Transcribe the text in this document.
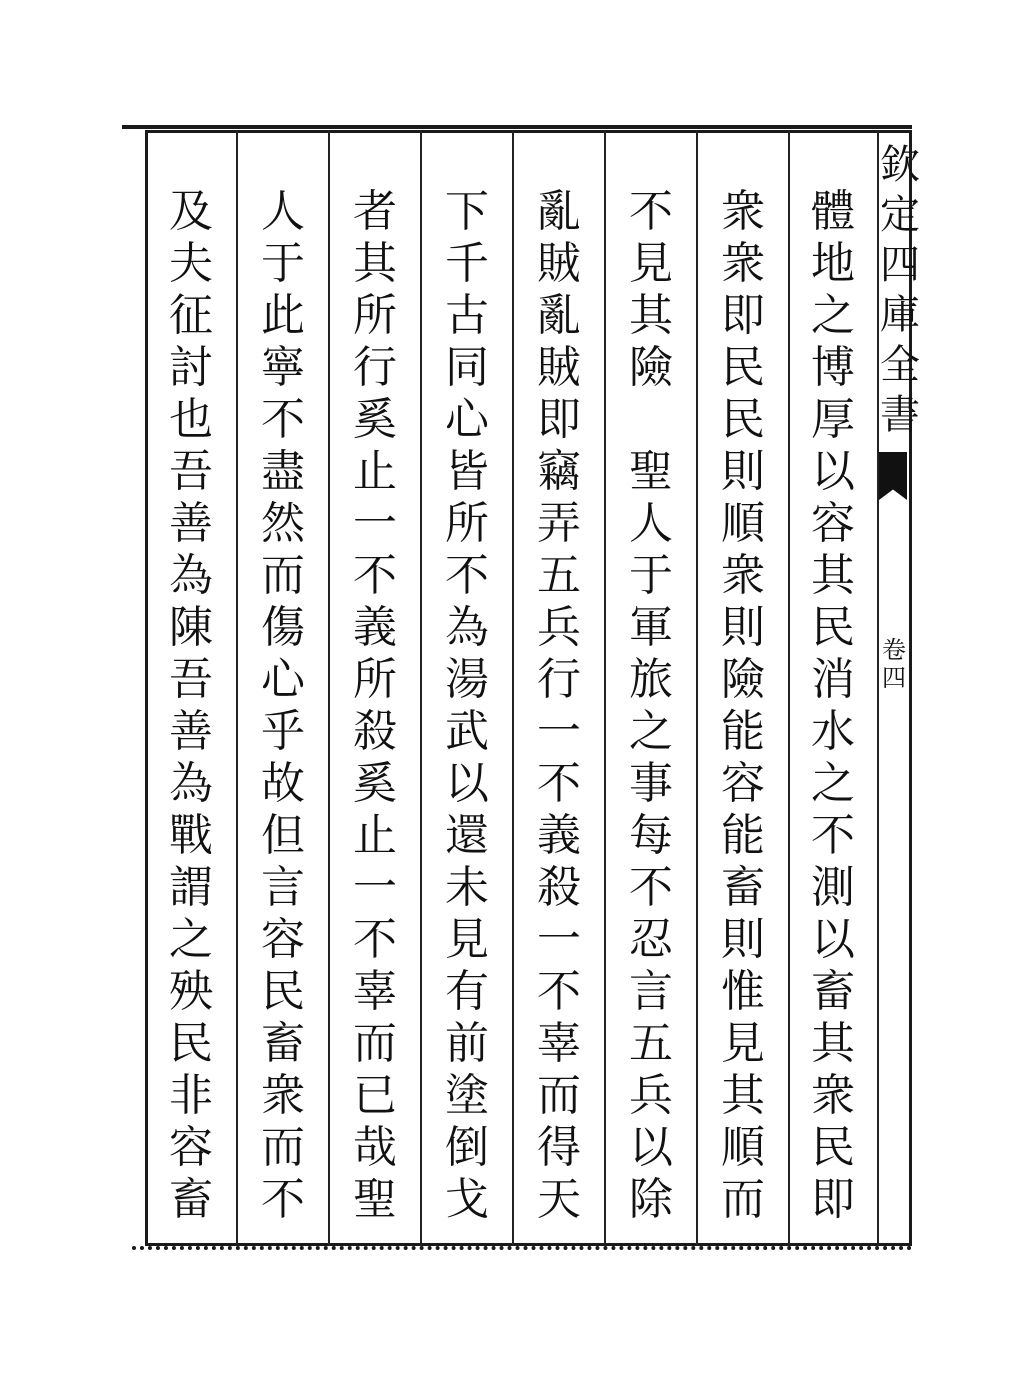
欽
定
四
庫
全
書
卷
四
體
地
之
博
厚
以
容
其
民
消
水
之
不
測
以
畜
其
衆
民
即
衆
衆
即
民
民
則
順
衆
則
險
能
容
能
畜
則
惟
見
其
順
而
不
見
其
險

聖
人
于
軍
旅
之
事
每
不
忍
言
五
兵
以
除
亂
賊
亂
賊
即
竊
弄
五
兵
行
一
不
義
殺
一
不
辜
而
得
天
下
千
古
同
心
皆
所
不
為
湯
武
以
還
未
見
有
前
塗
倒
戈
者
其
所
行
奚
止
一
不
義
所
殺
奚
止
一
不
辜
而
已
哉
聖
人
于
此
寧
不
盡
然
而
傷
心
乎
故
但
言
容
民
畜
衆
而
不
及
夫
征
討
也
吾
善
為
陳
吾
善
為
戰
謂
之
殃
民
非
容
畜
